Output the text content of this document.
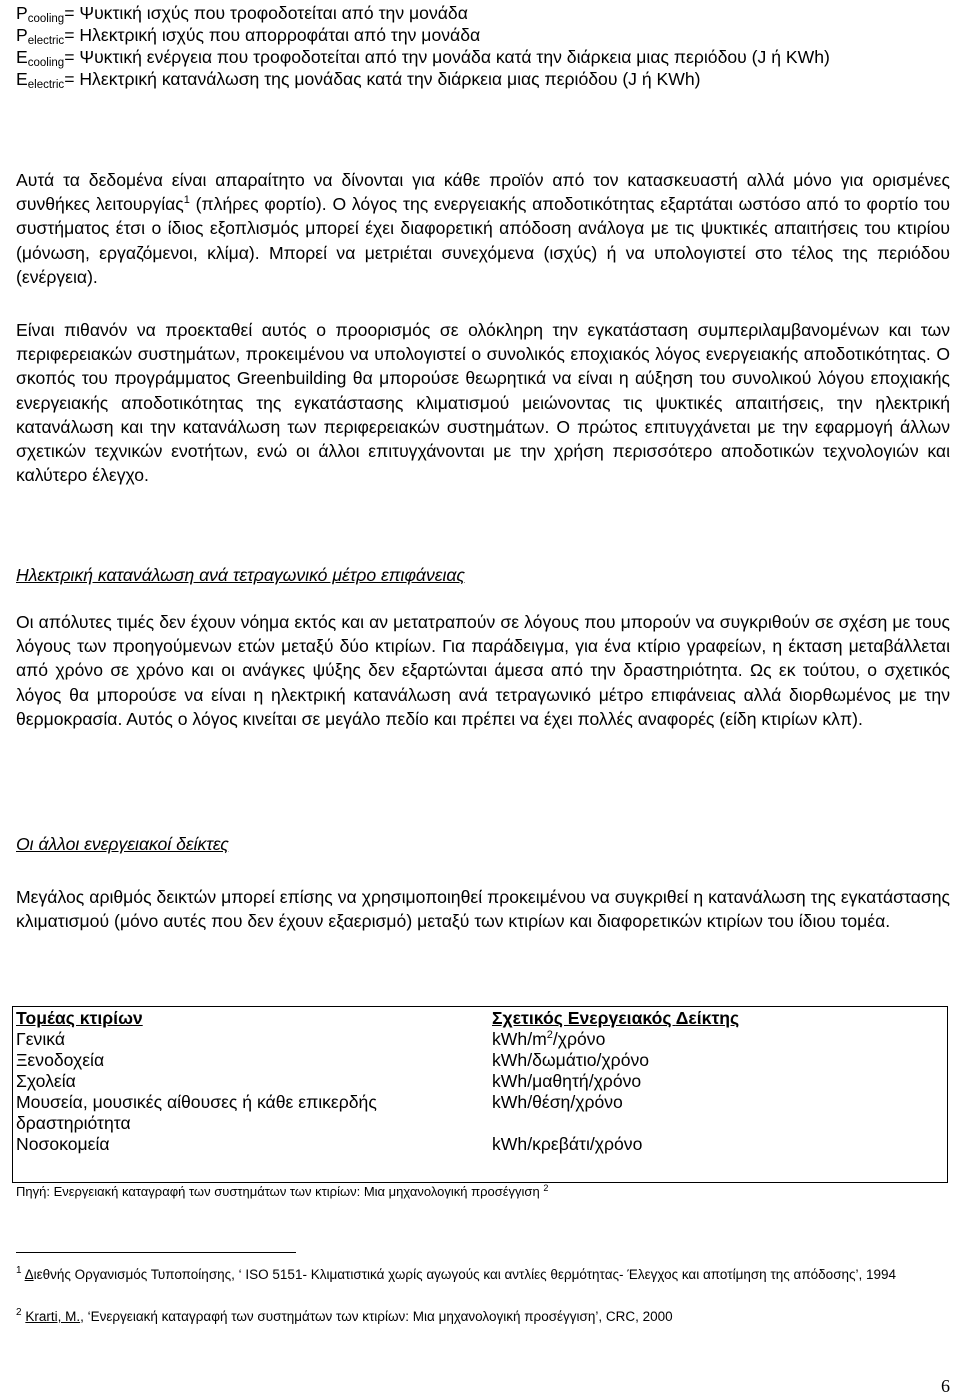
$P_{cooling}= \Psi\upsilon\kappa\tau\iota\kappa ή$ ισχύς που τροφοδοτείται από την μονάδα
$P_{electric}= H\lambda\varepsilon\kappa\tau\rho\iota\kappa ή$ ισχύς που απορροφάται από την μονάδα
$E_{cooling}= \Psi\upsilon\kappa\tau\iota\kappa ή$ ενέργεια που τροφοδοτείται από την μονάδα κατά την διάρκεια μιας περιόδου (J ή KWh)
$E_{electric}= H\lambda\varepsilon\kappa\tau\rho\iota\kappa ή$ κατανάλωση της μονάδας κατά την διάρκεια μιας περιόδου (J ή KWh)
Αυτά τα δεδομένα είναι απαραίτητο να δίνονται για κάθε προϊόν από τον κατασκευαστή αλλά μόνο για ορισμένες συνθήκες λειτουργίας$^1$ (πλήρες φορτίο). Ο λόγος της ενεργειακής αποδοτικότητας εξαρτάται ωστόσο από το φορτίο του συστήματος έτσι ο ίδιος εξοπλισμός μπορεί έχει διαφορετική απόδοση ανάλογα με τις ψυκτικές απαιτήσεις του κτιρίου (μόνωση, εργαζόμενοι, κλίμα). Μπορεί να μετριέται συνεχόμενα (ισχύς) ή να υπολογιστεί στο τέλος της περιόδου (ενέργεια).
Είναι πιθανόν να προεκταθεί αυτός ο προορισμός σε ολόκληρη την εγκατάσταση συμπεριλαμβανομένων και των περιφερειακών συστημάτων, προκειμένου να υπολογιστεί ο συνολικός εποχιακός λόγος ενεργειακής αποδοτικότητας. Ο σκοπός του προγράμματος Greenbuilding θα μπορούσε θεωρητικά να είναι η αύξηση του συνολικού λόγου εποχιακής ενεργειακής αποδοτικότητας της εγκατάστασης κλιματισμού μειώνοντας τις ψυκτικές απαιτήσεις, την ηλεκτρική κατανάλωση και την κατανάλωση των περιφερειακών συστημάτων. Ο πρώτος επιτυγχάνεται με την εφαρμογή άλλων σχετικών τεχνικών ενοτήτων, ενώ οι άλλοι επιτυγχάνονται με την χρήση περισσότερο αποδοτικών τεχνολογιών και καλύτερο έλεγχο.
Ηλεκτρική κατανάλωση ανά τετραγωνικό μέτρο επιφάνειας
Οι απόλυτες τιμές δεν έχουν νόημα εκτός και αν μετατραπούν σε λόγους που μπορούν να συγκριθούν σε σχέση με τους λόγους των προηγούμενων ετών μεταξύ δύο κτιρίων. Για παράδειγμα, για ένα κτίριο γραφείων, η έκταση μεταβάλλεται από χρόνο σε χρόνο και οι ανάγκες ψύξης δεν εξαρτώνται άμεσα από την δραστηριότητα. Ως εκ τούτου, ο σχετικός λόγος θα μπορούσε να είναι η ηλεκτρική κατανάλωση ανά τετραγωνικό μέτρο επιφάνειας αλλά διορθωμένος με την θερμοκρασία. Αυτός ο λόγος κινείται σε μεγάλο πεδίο και πρέπει να έχει πολλές αναφορές (είδη κτιρίων κλπ).
Οι άλλοι ενεργειακοί δείκτες
Μεγάλος αριθμός δεικτών μπορεί επίσης να χρησιμοποιηθεί προκειμένου να συγκριθεί η κατανάλωση της εγκατάστασης κλιματισμού (μόνο αυτές που δεν έχουν εξαερισμό) μεταξύ των κτιρίων και διαφορετικών κτιρίων του ίδιου τομέα.
Τομέας κτιρίων	Σχετικός Ενεργειακός Δείκτης
Γενικά	kWh/$m^2$/χρόνο
Ξενοδοχεία	kWh/δωμάτιο/χρόνο
Σχολεία	kWh/μαθητή/χρόνο
Μουσεία, μουσικές αίθουσες ή κάθε επικερδής δραστηριότητα	kWh/θέση/χρόνο
Νοσοκομεία	kWh/κρεβάτι/χρόνο
Πηγή: Ενεργειακή καταγραφή των συστημάτων των κτιρίων: Μια μηχανολογική προσέγγιση $^2$
$^1$ Διεθνής Οργανισμός Τυποποίησης, ‘ ISO 5151- Κλιματιστικά χωρίς αγωγούς και αντλίες θερμότητας- Έλεγχος και αποτίμηση της απόδοσης’, 1994
$^2$ Krarti, M., ‘Ενεργειακή καταγραφή των συστημάτων των κτιρίων: Μια μηχανολογική προσέγγιση’, CRC, 2000
6
